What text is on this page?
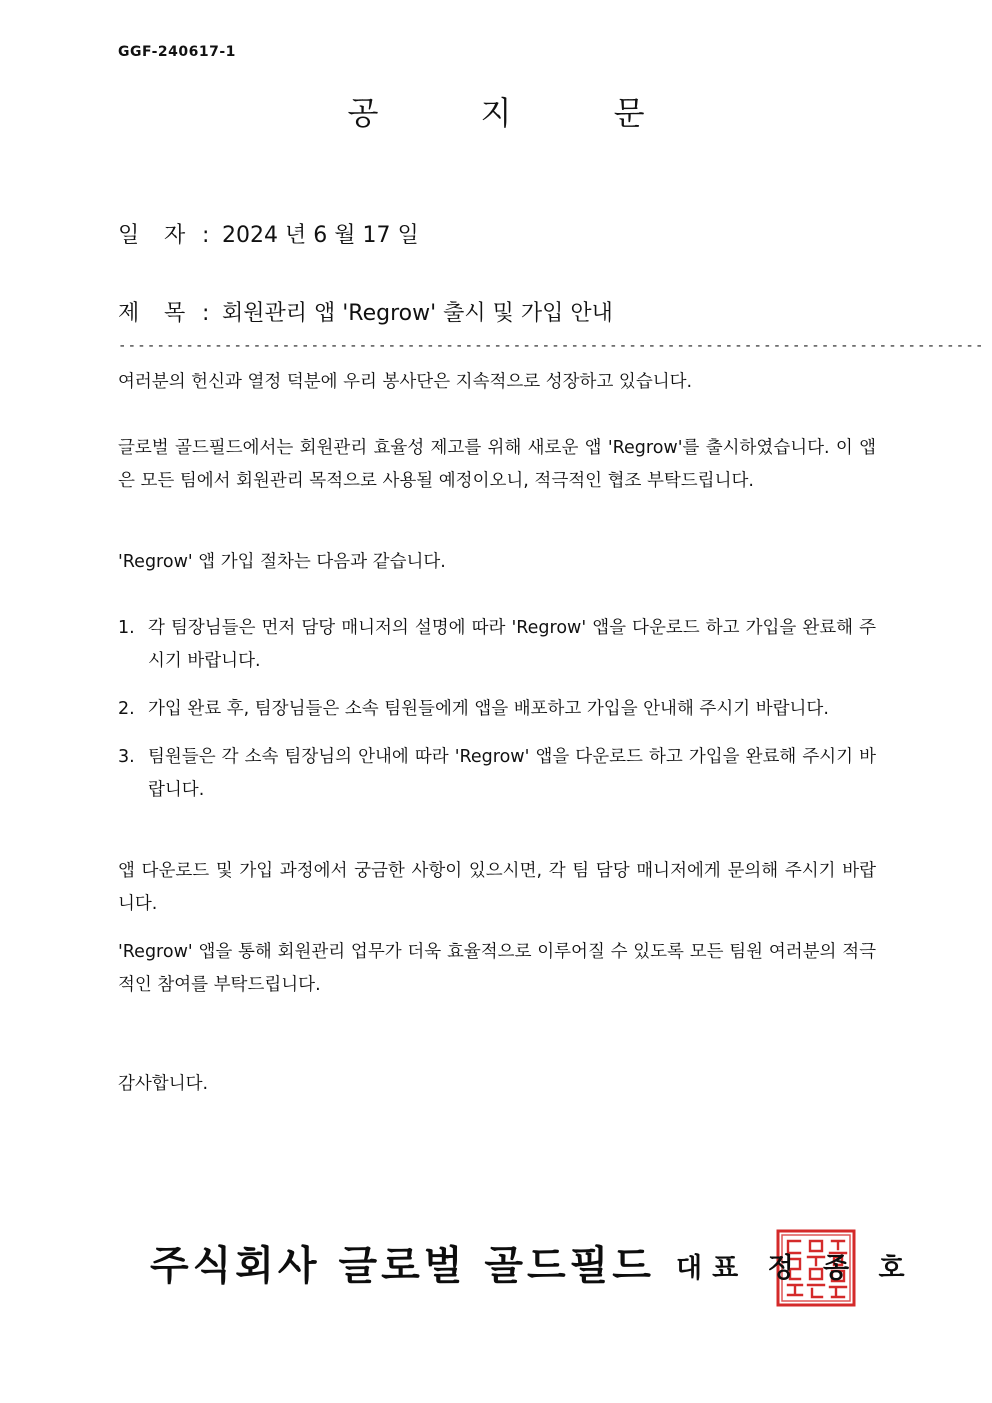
GGF-240617-1
공 지 문
일 자 : 2024 년 6 월 17 일
제 목 : 회원관리 앱 'Regrow' 출시 및 가입 안내
------------------------------------------------------------------------------------------
여러분의 헌신과 열정 덕분에 우리 봉사단은 지속적으로 성장하고 있습니다.
글로벌 골드필드에서는 회원관리 효율성 제고를 위해 새로운 앱 'Regrow'를 출시하였습니다. 이 앱은 모든 팀에서 회원관리 목적으로 사용될 예정이오니, 적극적인 협조 부탁드립니다.
'Regrow' 앱 가입 절차는 다음과 같습니다.
1. 각 팀장님들은 먼저 담당 매니저의 설명에 따라 'Regrow' 앱을 다운로드 하고 가입을 완료해 주시기 바랍니다.
2. 가입 완료 후, 팀장님들은 소속 팀원들에게 앱을 배포하고 가입을 안내해 주시기 바랍니다.
3. 팀원들은 각 소속 팀장님의 안내에 따라 'Regrow' 앱을 다운로드 하고 가입을 완료해 주시기 바랍니다.
앱 다운로드 및 가입 과정에서 궁금한 사항이 있으시면, 각 팀 담당 매니저에게 문의해 주시기 바랍니다.
'Regrow' 앱을 통해 회원관리 업무가 더욱 효율적으로 이루어질 수 있도록 모든 팀원 여러분의 적극적인 참여를 부탁드립니다.
감사합니다.
주식회사 글로벌 골드필드 대표 정 종 호
